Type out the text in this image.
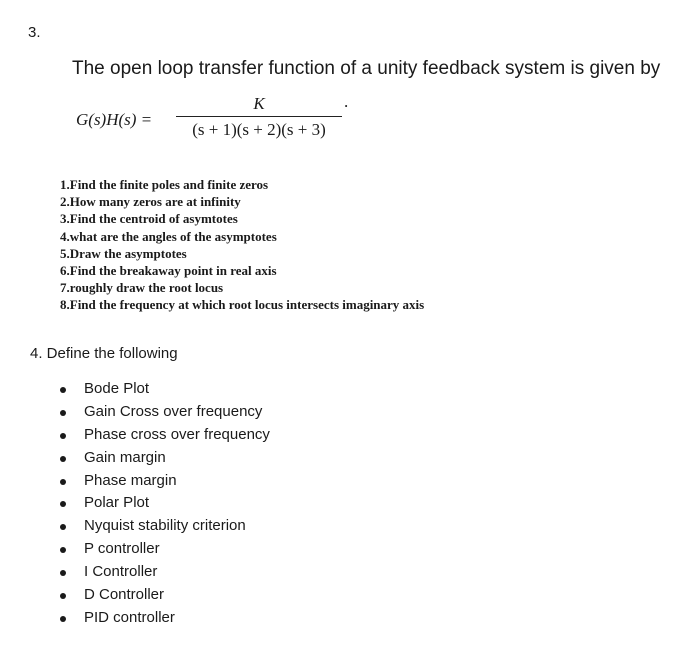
3.
The open loop transfer function of a unity feedback system is given by
G(s)H(s) =
K
(s + 1)(s + 2)(s + 3)
.
1.Find the finite poles and finite zeros
2.How many zeros are at infinity
3.Find the centroid of asymtotes
4.what are the angles of the asymptotes
5.Draw the asymptotes
6.Find the breakaway point in real axis
7.roughly draw the root locus
8.Find the frequency at which root locus intersects imaginary axis
4. Define the following
Bode Plot
Gain Cross over frequency
Phase cross over frequency
Gain margin
Phase margin
Polar Plot
Nyquist stability criterion
P controller
I Controller
D Controller
PID controller
